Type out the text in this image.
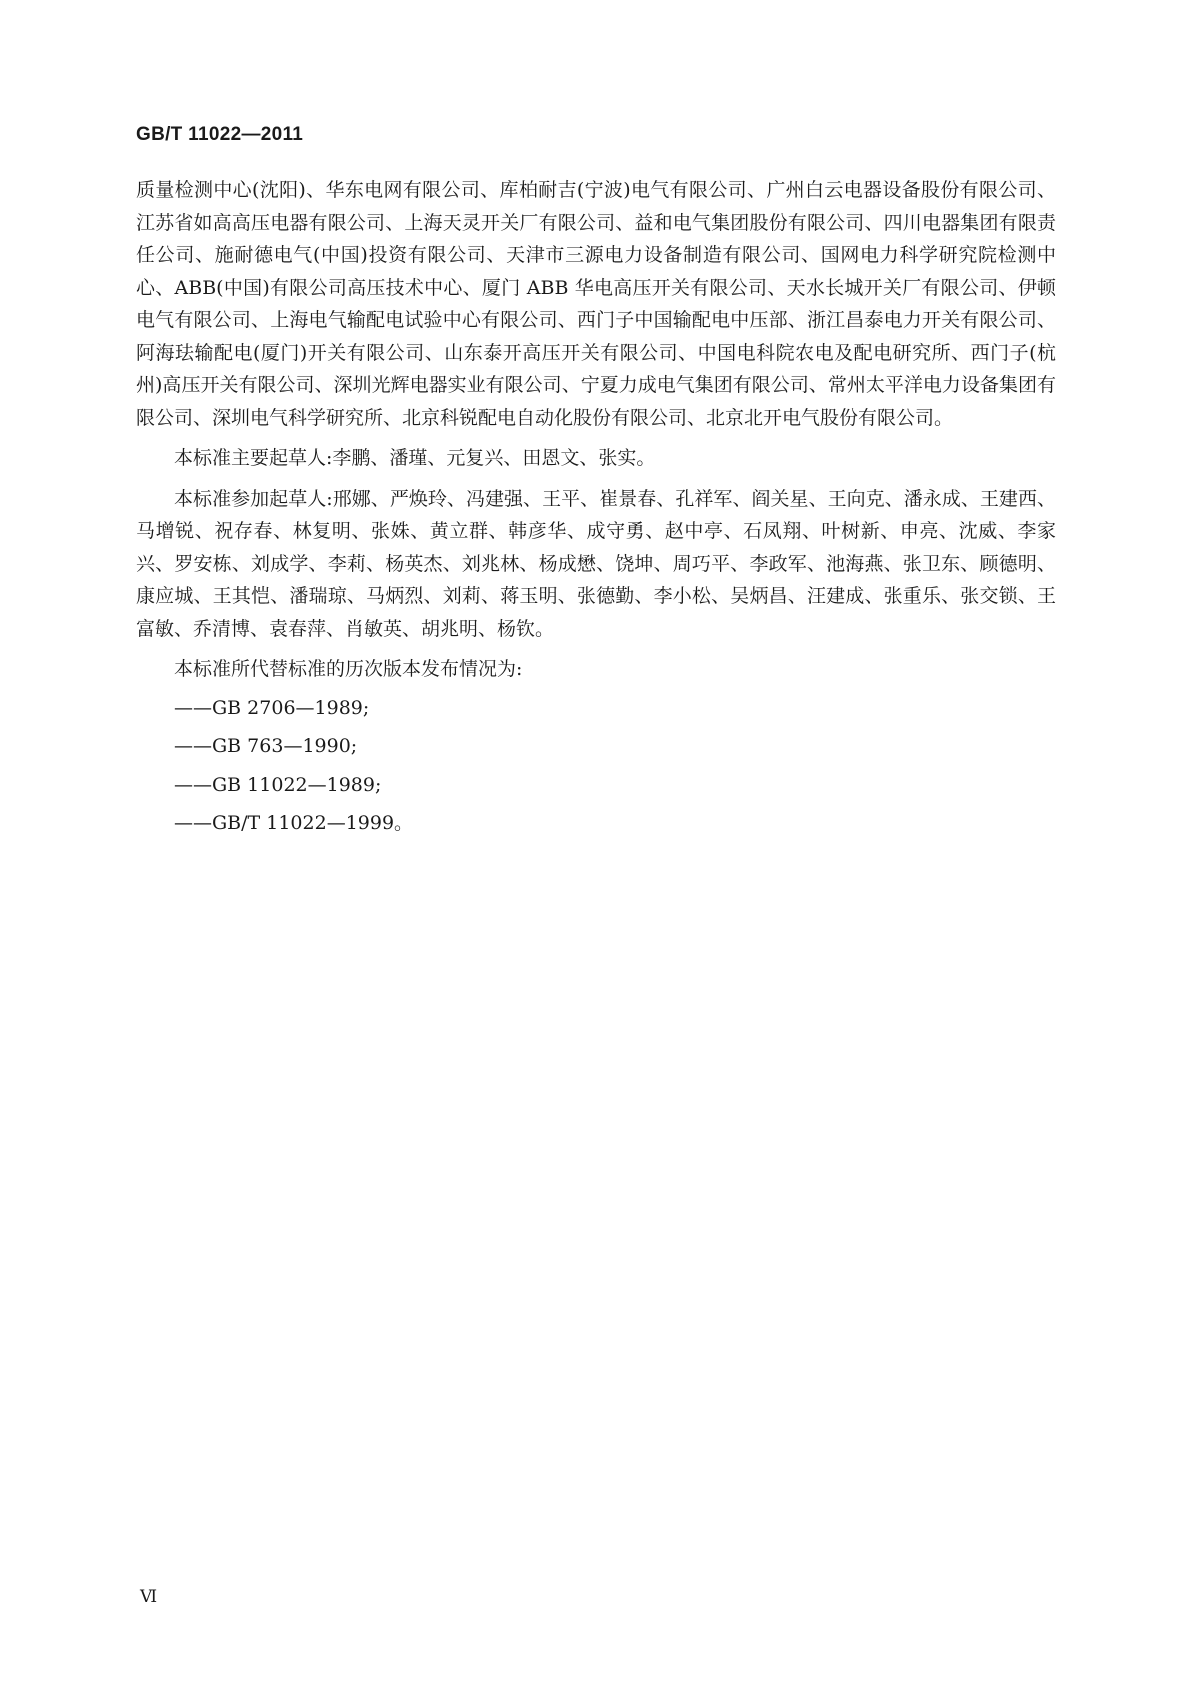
GB/T 11022—2011

质量检测中心(沈阳)、华东电网有限公司、库柏耐吉(宁波)电气有限公司、广州白云电器设备股份有限公司、江苏省如高高压电器有限公司、上海天灵开关厂有限公司、益和电气集团股份有限公司、四川电器集团有限责任公司、施耐德电气(中国)投资有限公司、天津市三源电力设备制造有限公司、国网电力科学研究院检测中心、ABB(中国)有限公司高压技术中心、厦门 ABB 华电高压开关有限公司、天水长城开关厂有限公司、伊顿电气有限公司、上海电气输配电试验中心有限公司、西门子中国输配电中压部、浙江昌泰电力开关有限公司、阿海珐输配电(厦门)开关有限公司、山东泰开高压开关有限公司、中国电科院农电及配电研究所、西门子(杭州)高压开关有限公司、深圳光辉电器实业有限公司、宁夏力成电气集团有限公司、常州太平洋电力设备集团有限公司、深圳电气科学研究所、北京科锐配电自动化股份有限公司、北京北开电气股份有限公司。

本标准主要起草人:李鹏、潘瑾、元复兴、田恩文、张实。

本标准参加起草人:邢娜、严焕玲、冯建强、王平、崔景春、孔祥军、阎关星、王向克、潘永成、王建西、马增锐、祝存春、林复明、张姝、黄立群、韩彦华、成守勇、赵中亭、石凤翔、叶树新、申亮、沈威、李家兴、罗安栋、刘成学、李莉、杨英杰、刘兆林、杨成懋、饶坤、周巧平、李政军、池海燕、张卫东、顾德明、康应城、王其恺、潘瑞琼、马炳烈、刘莉、蒋玉明、张德勤、李小松、吴炳昌、汪建成、张重乐、张交锁、王富敏、乔清博、袁春萍、肖敏英、胡兆明、杨钦。

本标准所代替标准的历次版本发布情况为:

——GB 2706—1989;
——GB 763—1990;
——GB 11022—1989;
——GB/T 11022—1999。
Ⅵ
